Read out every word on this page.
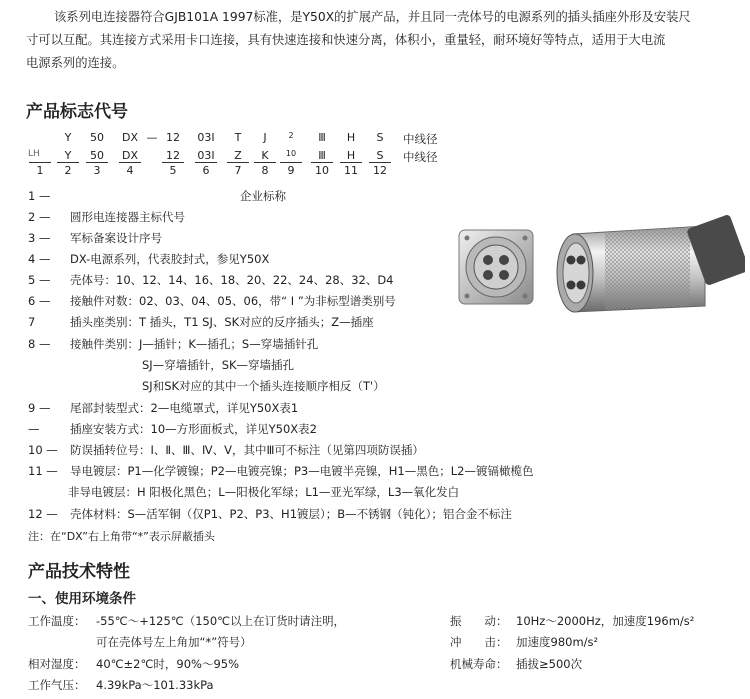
该系列电连接器符合GJB101A 1997标准，是Y50X的扩展产品，并且同一壳体号的电源系列的插头插座外形及安装尺
寸可以互配。其连接方式采用卡口连接，具有快速连接和快速分离，体积小，重量轻，耐环境好等特点，适用于大电流
电源系列的连接。
产品标志代号
LH
中线径
中线径
Y	50	DX — 12	03I	T	J	2	Ⅲ	H	S
Y	50	DX	12	03I	Z	K	10	Ⅲ	H	S
1	2	3	4	5	6	7	8	9	10	11	12
1 —	企业标称
2 — 圆形电连接器主标代号
3 — 军标备案设计序号
4 — DX-电源系列，代表胶封式，参见Y50X
5 — 壳体号：10、12、14、16、18、20、22、24、28、32、D4
6 — 接触件对数：02、03、04、05、06，带“ I ”为非标型谱类别号
7	插头座类别：T 插头，T1 SJ、SK对应的反序插头；Z—插座
8 — 接触件类别：J—插针；K—插孔；S—穿墙插针孔
SJ—穿墙插针，SK—穿墙插孔
SJ和SK对应的其中一个插头连接顺序相反（T'）
9 — 尾部封装型式：2—电缆罩式，详见Y50X表1
—	插座安装方式：10—方形面板式，详见Y50X表2
10 — 防误插转位号：Ⅰ、Ⅱ、Ⅲ、Ⅳ、Ⅴ，其中Ⅲ可不标注（见第四项防误插）
11 — 导电镀层：P1—化学镀镍；P2—电镀亮镍；P3—电镀半亮镍，H1—黑色；L2—镀镉橄榄色
非导电镀层：H 阳极化黑色；L—阳极化军绿；L1—亚光军绿，L3—氧化发白
12 — 壳体材料：S—活军铜（仅P1、P2、P3、H1镀层）；B—不锈钢（钝化）；铝合金不标注
注：在“DX”右上角带“*”表示屏蔽插头
产品技术特性
一、使用环境条件
工作温度： -55℃～+125℃（150℃以上在订货时请注明，
可在壳体号左上角加“*”符号）
相对湿度： 40℃±2℃时，90%～95%
工作气压： 4.39kPa～101.33kPa
振　　动： 10Hz～2000Hz，加速度196m/s²
冲　　击： 加速度980m/s²
机械寿命： 插拔≥500次
